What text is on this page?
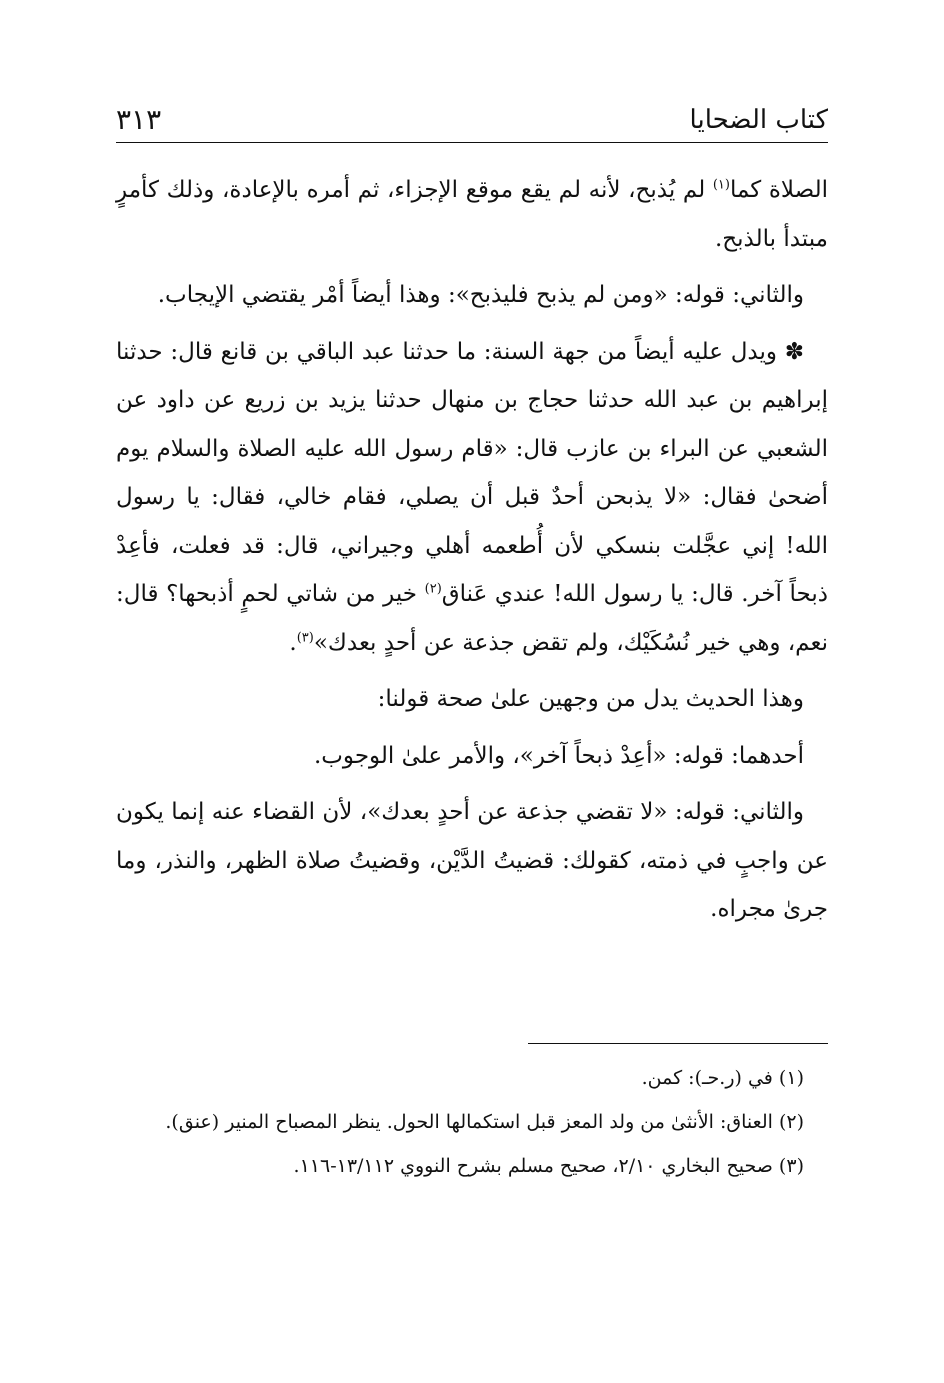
كتاب الضحايا
٣١٣

الصلاة كما$^{(١)}$ لم يُذبح، لأنه لم يقع موقع الإجزاء، ثم أمره بالإعادة، وذلك كأمرٍ مبتدأ بالذبح.

والثاني: قوله: «ومن لم يذبح فليذبح»: وهذا أيضاً أمْر يقتضي الإيجاب.

✽ ويدل عليه أيضاً من جهة السنة: ما حدثنا عبد الباقي بن قانع قال: حدثنا إبراهيم بن عبد الله حدثنا حجاج بن منهال حدثنا يزيد بن زريع عن داود عن الشعبي عن البراء بن عازب قال: «قام رسول الله عليه الصلاة والسلام يوم أضحىٰ فقال: «لا يذبحن أحدٌ قبل أن يصلي، فقام خالي، فقال: يا رسول الله! إني عجَّلت بنسكي لأن أُطعمه أهلي وجيراني، قال: قد فعلت، فأعِدْ ذبحاً آخر. قال: يا رسول الله! عندي عَناق$^{(٢)}$ خير من شاتي لحمٍ أذبحها؟ قال: نعم، وهي خير نُسُكَيْك، ولم تقض جذعة عن أحدٍ بعدك»$^{(٣)}$.

وهذا الحديث يدل من وجهين علىٰ صحة قولنا:

أحدهما: قوله: «أعِدْ ذبحاً آخر»، والأمر علىٰ الوجوب.

والثاني: قوله: «لا تقضي جذعة عن أحدٍ بعدك»، لأن القضاء عنه إنما يكون عن واجبٍ في ذمته، كقولك: قضيتُ الدَّيْن، وقضيتُ صلاة الظهر، والنذر، وما جرىٰ مجراه.

(١) في (ر.حـ): كمن.

(٢) العناق: الأنثىٰ من ولد المعز قبل استكمالها الحول. ينظر المصباح المنير (عنق).

(٣) صحيح البخاري ٢/١٠، صحيح مسلم بشرح النووي ١٣/١١٢-١١٦.
